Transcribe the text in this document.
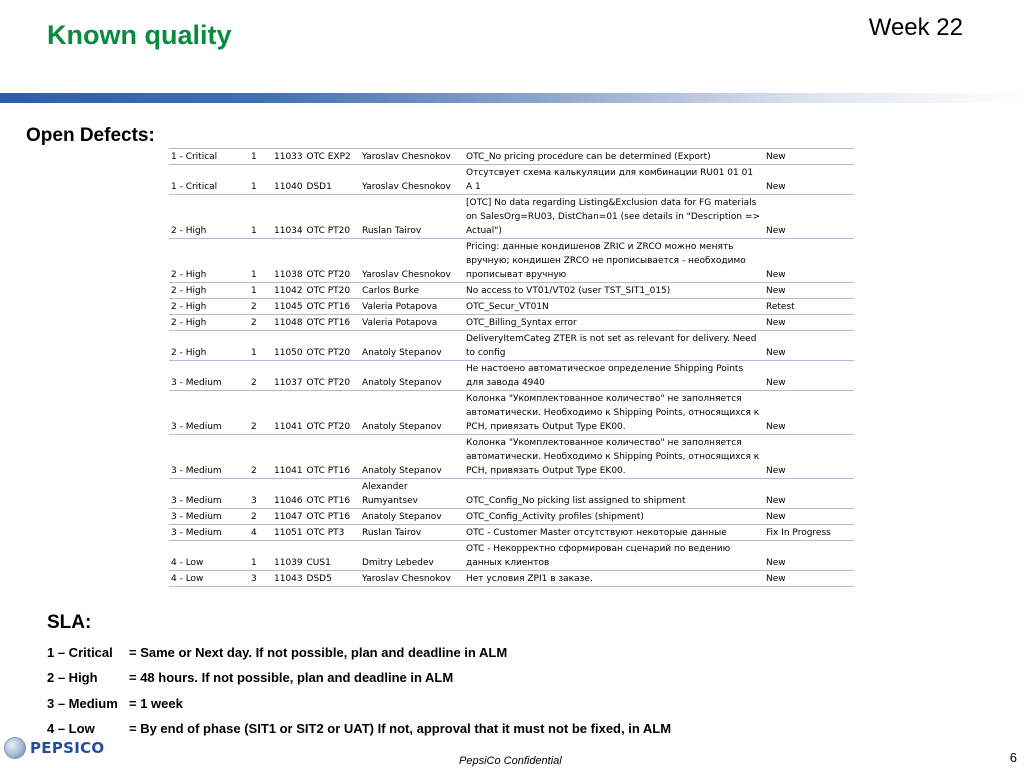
Known quality	Week 22
Open Defects:
1 - Critical	1	11033 OTC EXP2	Yaroslav Chesnokov	OTC_No pricing procedure can be determined (Export)	New
1 - Critical	1	11040 DSD1	Yaroslav Chesnokov	Отсутсвует схема калькуляции для комбинации RU01 01 01 A 1	New
2 - High	1	11034 OTC PT20	Ruslan Tairov	[OTC] No data regarding Listing&Exclusion data for FG materials on SalesOrg=RU03, DistChan=01 (see details in "Description => Actual")	New
2 - High	1	11038 OTC PT20	Yaroslav Chesnokov	Pricing: данные кондишенов ZRIC и ZRCO можно менять вручную; кондишен ZRCO не прописывается - необходимо прописыват вручную	New
2 - High	1	11042 OTC PT20	Carlos Burke	No access to VT01/VT02 (user TST_SIT1_015)	New
2 - High	2	11045 OTC PT16	Valeria Potapova	OTC_Secur_VT01N	Retest
2 - High	2	11048 OTC PT16	Valeria Potapova	OTC_Billing_Syntax error	New
2 - High	1	11050 OTC PT20	Anatoly Stepanov	DeliveryItemCateg ZTER is not set as relevant for delivery. Need to config	New
3 - Medium	2	11037 OTC PT20	Anatoly Stepanov	Не настоено автоматическое определение Shipping Points для завода 4940	New
3 - Medium	2	11041 OTC PT20	Anatoly Stepanov	Колонка "Укомплектованное количество" не заполняется автоматически. Необходимо к Shipping Points, относящихся к PCH, привязать Output Type EK00.	New
3 - Medium	2	11041 OTC PT16	Anatoly Stepanov	Колонка "Укомплектованное количество" не заполняется автоматически. Необходимо к Shipping Points, относящихся к PCH, привязать Output Type EK00.	New
3 - Medium	3	11046 OTC PT16	Alexander Rumyantsev	OTC_Config_No picking list assigned to shipment	New
3 - Medium	2	11047 OTC PT16	Anatoly Stepanov	OTC_Config_Activity profiles (shipment)	New
3 - Medium	4	11051 OTC PT3	Ruslan Tairov	OTC - Customer Master отсутствуют некоторые данные	Fix In Progress
4 - Low	1	11039 CUS1	Dmitry Lebedev	OTC - Некорректно сформирован сценарий по ведению данных клиентов	New
4 - Low	3	11043 DSD5	Yaroslav Chesnokov	Нет условия ZPI1 в заказе.	New
SLA:
1 – Critical = Same or Next day. If not possible, plan and deadline in ALM
2 – High = 48 hours. If not possible, plan and deadline in ALM
3 – Medium = 1 week
4 – Low	= By end of phase (SIT1 or SIT2 or UAT) If not, approval that it must not be fixed, in ALM
PEPSICO
PepsiCo Confidential	6
